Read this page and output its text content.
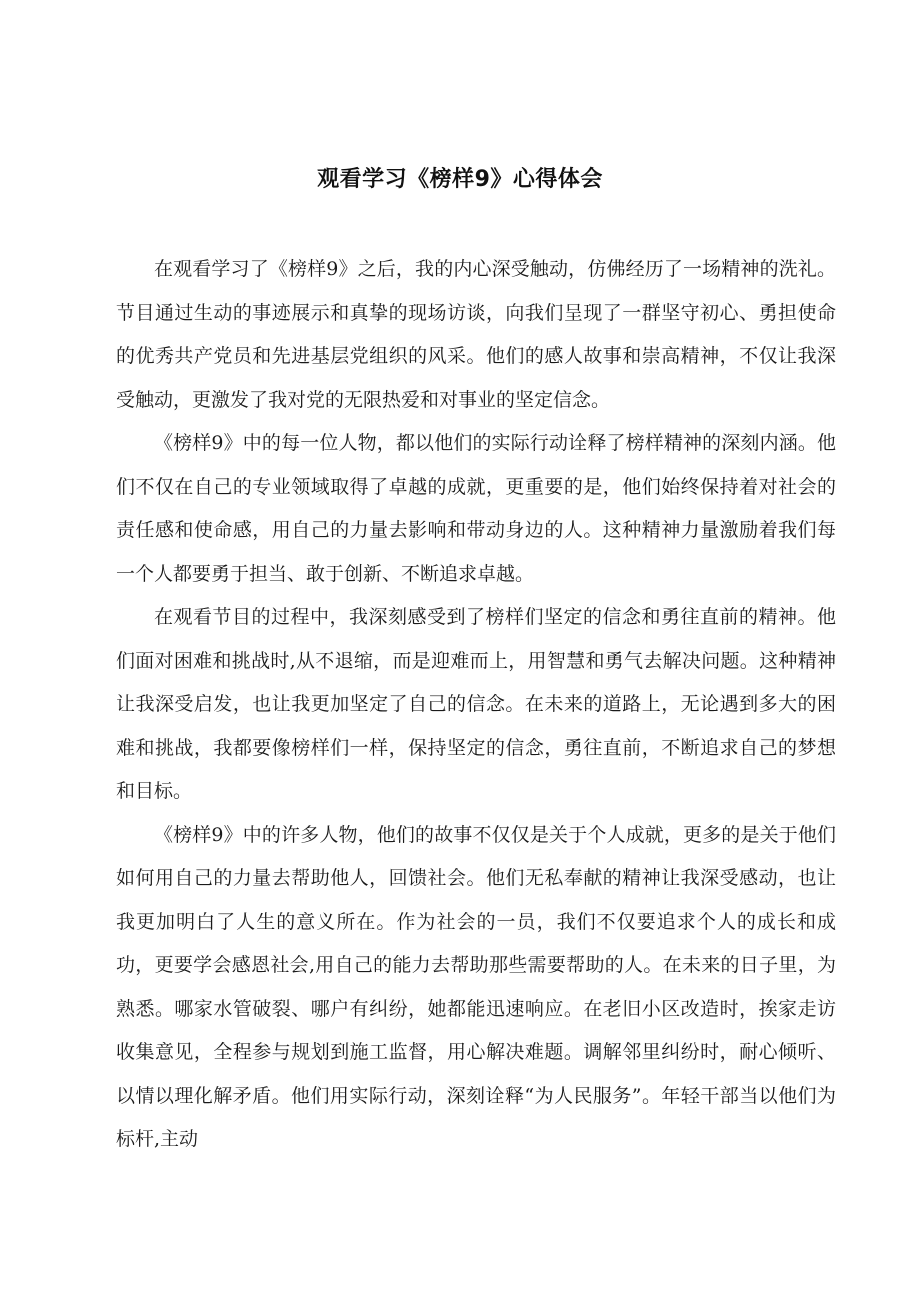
观看学习《榜样9》心得体会

在观看学习了《榜样9》之后，我的内心深受触动，仿佛经历了一场精神的洗礼。节目通过生动的事迹展示和真挚的现场访谈，向我们呈现了一群坚守初心、勇担使命的优秀共产党员和先进基层党组织的风采。他们的感人故事和崇高精神，不仅让我深受触动，更激发了我对党的无限热爱和对事业的坚定信念。

《榜样9》中的每一位人物，都以他们的实际行动诠释了榜样精神的深刻内涵。他们不仅在自己的专业领域取得了卓越的成就，更重要的是，他们始终保持着对社会的责任感和使命感，用自己的力量去影响和带动身边的人。这种精神力量激励着我们每一个人都要勇于担当、敢于创新、不断追求卓越。

在观看节目的过程中，我深刻感受到了榜样们坚定的信念和勇往直前的精神。他们面对困难和挑战时,从不退缩，而是迎难而上，用智慧和勇气去解决问题。这种精神让我深受启发，也让我更加坚定了自己的信念。在未来的道路上，无论遇到多大的困难和挑战，我都要像榜样们一样，保持坚定的信念，勇往直前，不断追求自己的梦想和目标。

《榜样9》中的许多人物，他们的故事不仅仅是关于个人成就，更多的是关于他们如何用自己的力量去帮助他人，回馈社会。他们无私奉献的精神让我深受感动，也让我更加明白了人生的意义所在。作为社会的一员，我们不仅要追求个人的成长和成功，更要学会感恩社会,用自己的能力去帮助那些需要帮助的人。在未来的日子里，为熟悉。哪家水管破裂、哪户有纠纷，她都能迅速响应。在老旧小区改造时，挨家走访收集意见，全程参与规划到施工监督，用心解决难题。调解邻里纠纷时，耐心倾听、以情以理化解矛盾。他们用实际行动，深刻诠释“为人民服务”。年轻干部当以他们为标杆,主动
